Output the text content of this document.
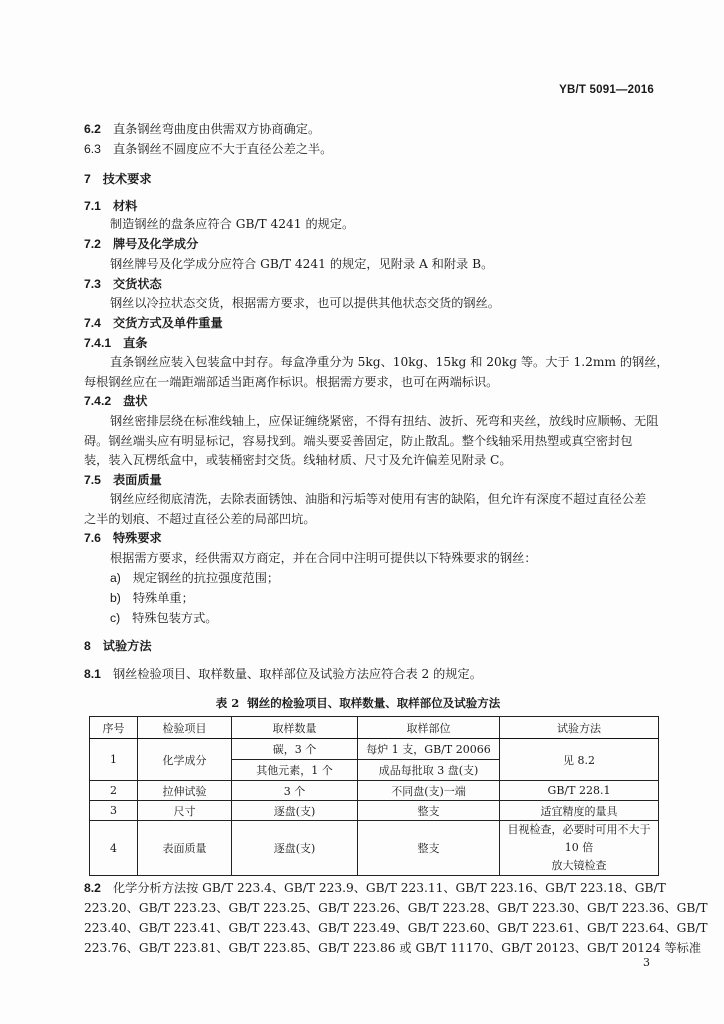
YB/T 5091—2016
6.2 直条钢丝弯曲度由供需双方协商确定。
6.3 直条钢丝不圆度应不大于直径公差之半。
7 技术要求
7.1 材料
制造钢丝的盘条应符合 GB/T 4241 的规定。
7.2 牌号及化学成分
钢丝牌号及化学成分应符合 GB/T 4241 的规定，见附录 A 和附录 B。
7.3 交货状态
钢丝以冷拉状态交货，根据需方要求，也可以提供其他状态交货的钢丝。
7.4 交货方式及单件重量
7.4.1 直条
直条钢丝应装入包装盒中封存。每盒净重分为 5kg、10kg、15kg 和 20kg 等。大于 1.2mm 的钢丝，
每根钢丝应在一端距端部适当距离作标识。根据需方要求，也可在两端标识。
7.4.2 盘状
钢丝密排层绕在标准线轴上，应保证缠绕紧密，不得有扭结、波折、死弯和夹丝，放线时应顺畅、无阻
碍。钢丝端头应有明显标记，容易找到。端头要妥善固定，防止散乱。整个线轴采用热塑或真空密封包
装，装入瓦楞纸盒中，或装桶密封交货。线轴材质、尺寸及允许偏差见附录 C。
7.5 表面质量
钢丝应经彻底清洗，去除表面锈蚀、油脂和污垢等对使用有害的缺陷，但允许有深度不超过直径公差
之半的划痕、不超过直径公差的局部凹坑。
7.6 特殊要求
根据需方要求，经供需双方商定，并在合同中注明可提供以下特殊要求的钢丝：
a) 规定钢丝的抗拉强度范围；
b) 特殊单重；
c) 特殊包装方式。
8 试验方法
8.1 钢丝检验项目、取样数量、取样部位及试验方法应符合表 2 的规定。
表 2 钢丝的检验项目、取样数量、取样部位及试验方法
序号	检验项目	取样数量	取样部位	试验方法
1	化学成分	碳，3 个	每炉 1 支，GB/T 20066	见 8.2
		其他元素，1 个	成品每批取 3 盘(支)	
2	拉伸试验	3 个	不同盘(支)一端	GB/T 228.1
3	尺寸	逐盘(支)	整支	适宜精度的量具
4	表面质量	逐盘(支)	整支	目视检查，必要时可用不大于 10 倍
放大镜检查
8.2 化学分析方法按 GB/T 223.4、GB/T 223.9、GB/T 223.11、GB/T 223.16、GB/T 223.18、GB/T
223.20、GB/T 223.23、GB/T 223.25、GB/T 223.26、GB/T 223.28、GB/T 223.30、GB/T 223.36、GB/T
223.40、GB/T 223.41、GB/T 223.43、GB/T 223.49、GB/T 223.60、GB/T 223.61、GB/T 223.64、GB/T
223.76、GB/T 223.81、GB/T 223.85、GB/T 223.86 或 GB/T 11170、GB/T 20123、GB/T 20124 等标准
3
